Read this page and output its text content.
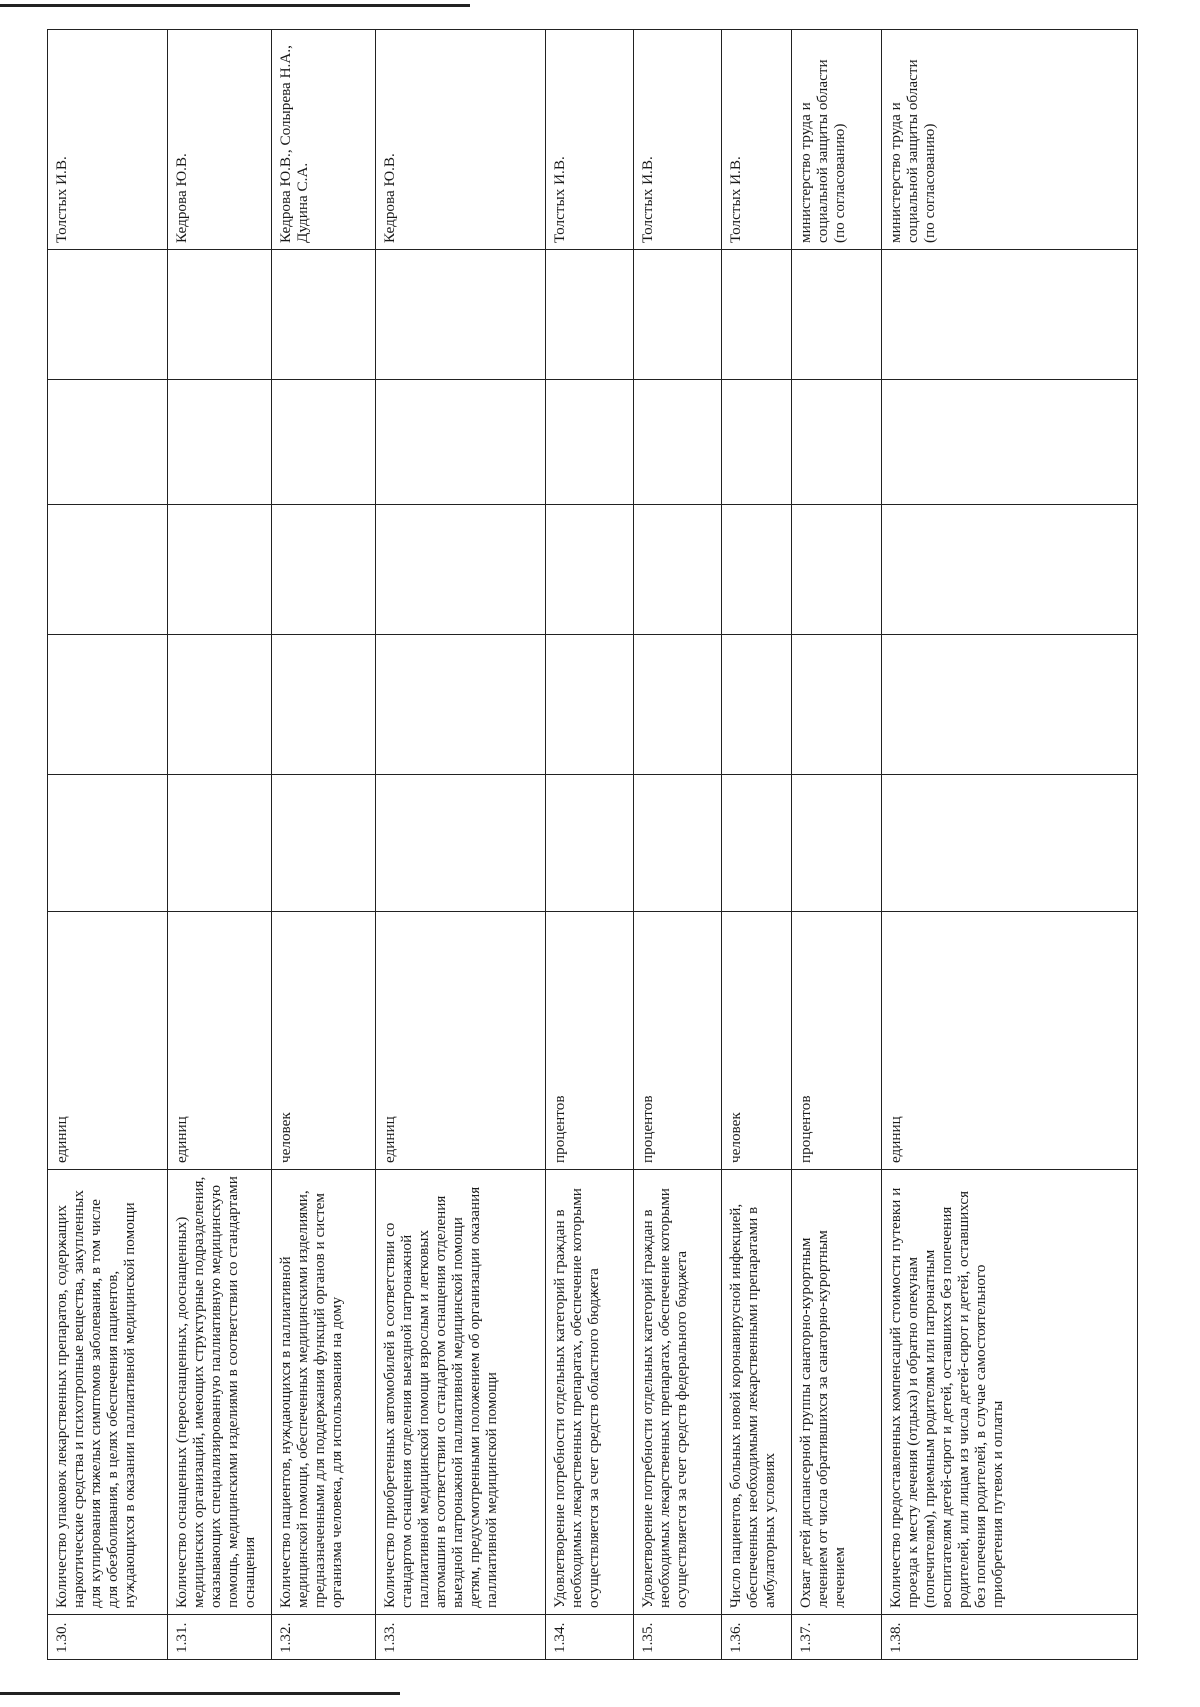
1.30.	Количество упаковок лекарственных препаратов, содержащих наркотические средства и психотропные вещества, закупленных для купирования тяжелых симптомов заболевания, в том числе для обезболивания, в целях обеспечения пациентов, нуждающихся в оказании паллиативной медицинской помощи	единиц						Толстых И.В.
1.31.	Количество оснащенных (переоснащенных, дооснащенных) медицинских организаций, имеющих структурные подразделения, оказывающих специализированную паллиативную медицинскую помощь, медицинскими изделиями в соответствии со стандартами оснащения	единиц						Кедрова Ю.В.
1.32.	Количество пациентов, нуждающихся в паллиативной медицинской помощи, обеспеченных медицинскими изделиями, предназначенными для поддержания функций органов и систем организма человека, для использования на дому	человек						Кедрова Ю.В., Солырева Н.А., Дудина С.А.
1.33.	Количество приобретенных автомобилей в соответствии со стандартом оснащения отделения выездной патронажной паллиативной медицинской помощи взрослым и легковых автомашин в соответствии со стандартом оснащения отделения выездной патронажной паллиативной медицинской помощи детям, предусмотренными положением об организации оказания паллиативной медицинской помощи	единиц						Кедрова Ю.В.
1.34.	Удовлетворение потребности отдельных категорий граждан в необходимых лекарственных препаратах, обеспечение которыми осуществляется за счет средств областного бюджета	процентов						Толстых И.В.
1.35.	Удовлетворение потребности отдельных категорий граждан в необходимых лекарственных препаратах, обеспечение которыми осуществляется за счет средств федерального бюджета	процентов						Толстых И.В.
1.36.	Число пациентов, больных новой коронавирусной инфекцией, обеспеченных необходимыми лекарственными препаратами в амбулаторных условиях	человек						Толстых И.В.
1.37.	Охват детей диспансерной группы санаторно-курортным лечением от числа обратившихся за санаторно-курортным лечением	процентов						министерство труда и социальной защиты области (по согласованию)
1.38.	Количество предоставленных компенсаций стоимости путевки и проезда к месту лечения (отдыха) и обратно опекунам (попечителям), приемным родителям или патронатным воспитателям детей-сирот и детей, оставшихся без попечения родителей, или лицам из числа детей-сирот и детей, оставшихся без попечения родителей, в случае самостоятельного приобретения путевок и оплаты	единиц						министерство труда и социальной защиты области (по согласованию)
